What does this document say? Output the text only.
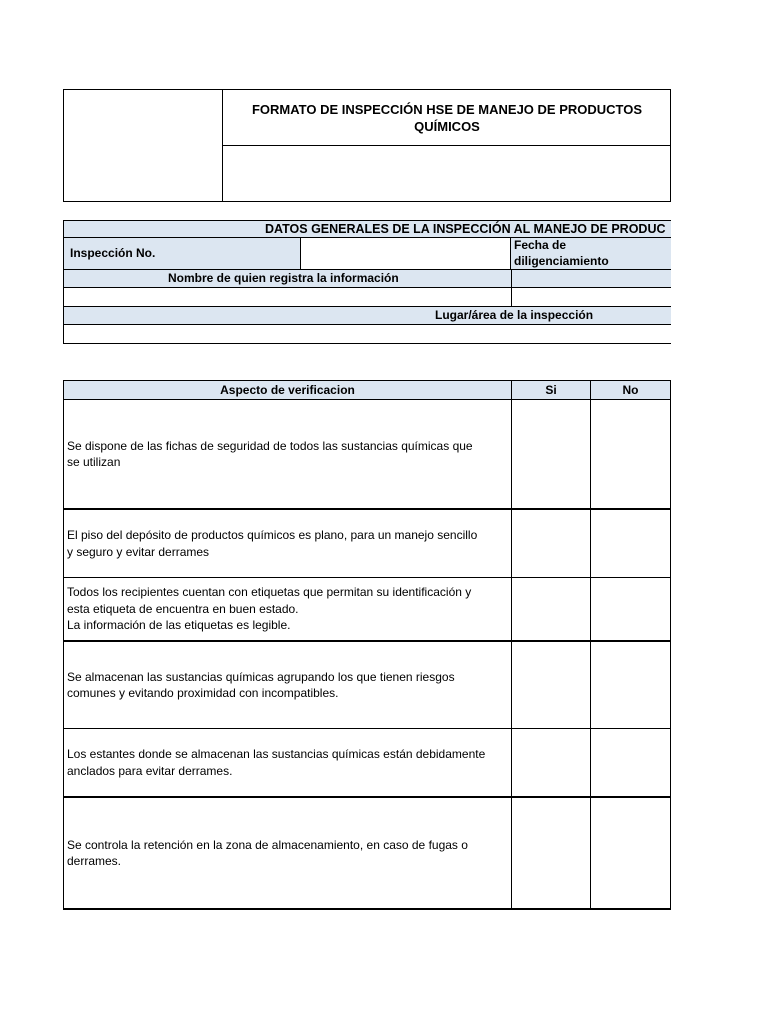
FORMATO DE INSPECCIÓN HSE DE MANEJO DE PRODUCTOS QUÍMICOS
DATOS GENERALES DE LA INSPECCIÓN AL MANEJO DE PRODUC
Inspección No.
Fecha de
diligenciamiento
Nombre de quien registra la información
Lugar/área de la inspección
Aspecto de verificacion	Si	No
Se dispone de las fichas de seguridad de todos las sustancias químicas que
se utilizan
El piso del depósito de productos químicos es plano, para un manejo sencillo
y seguro y evitar derrames
Todos los recipientes cuentan con etiquetas que permitan su identificación y
esta etiqueta de encuentra en buen estado.
La información de las etiquetas es legible.
Se almacenan las sustancias químicas agrupando los que tienen riesgos
comunes y evitando proximidad con incompatibles.
Los estantes donde se almacenan las sustancias químicas están debidamente
anclados para evitar derrames.
Se controla la retención en la zona de almacenamiento, en caso de fugas o
derrames.
